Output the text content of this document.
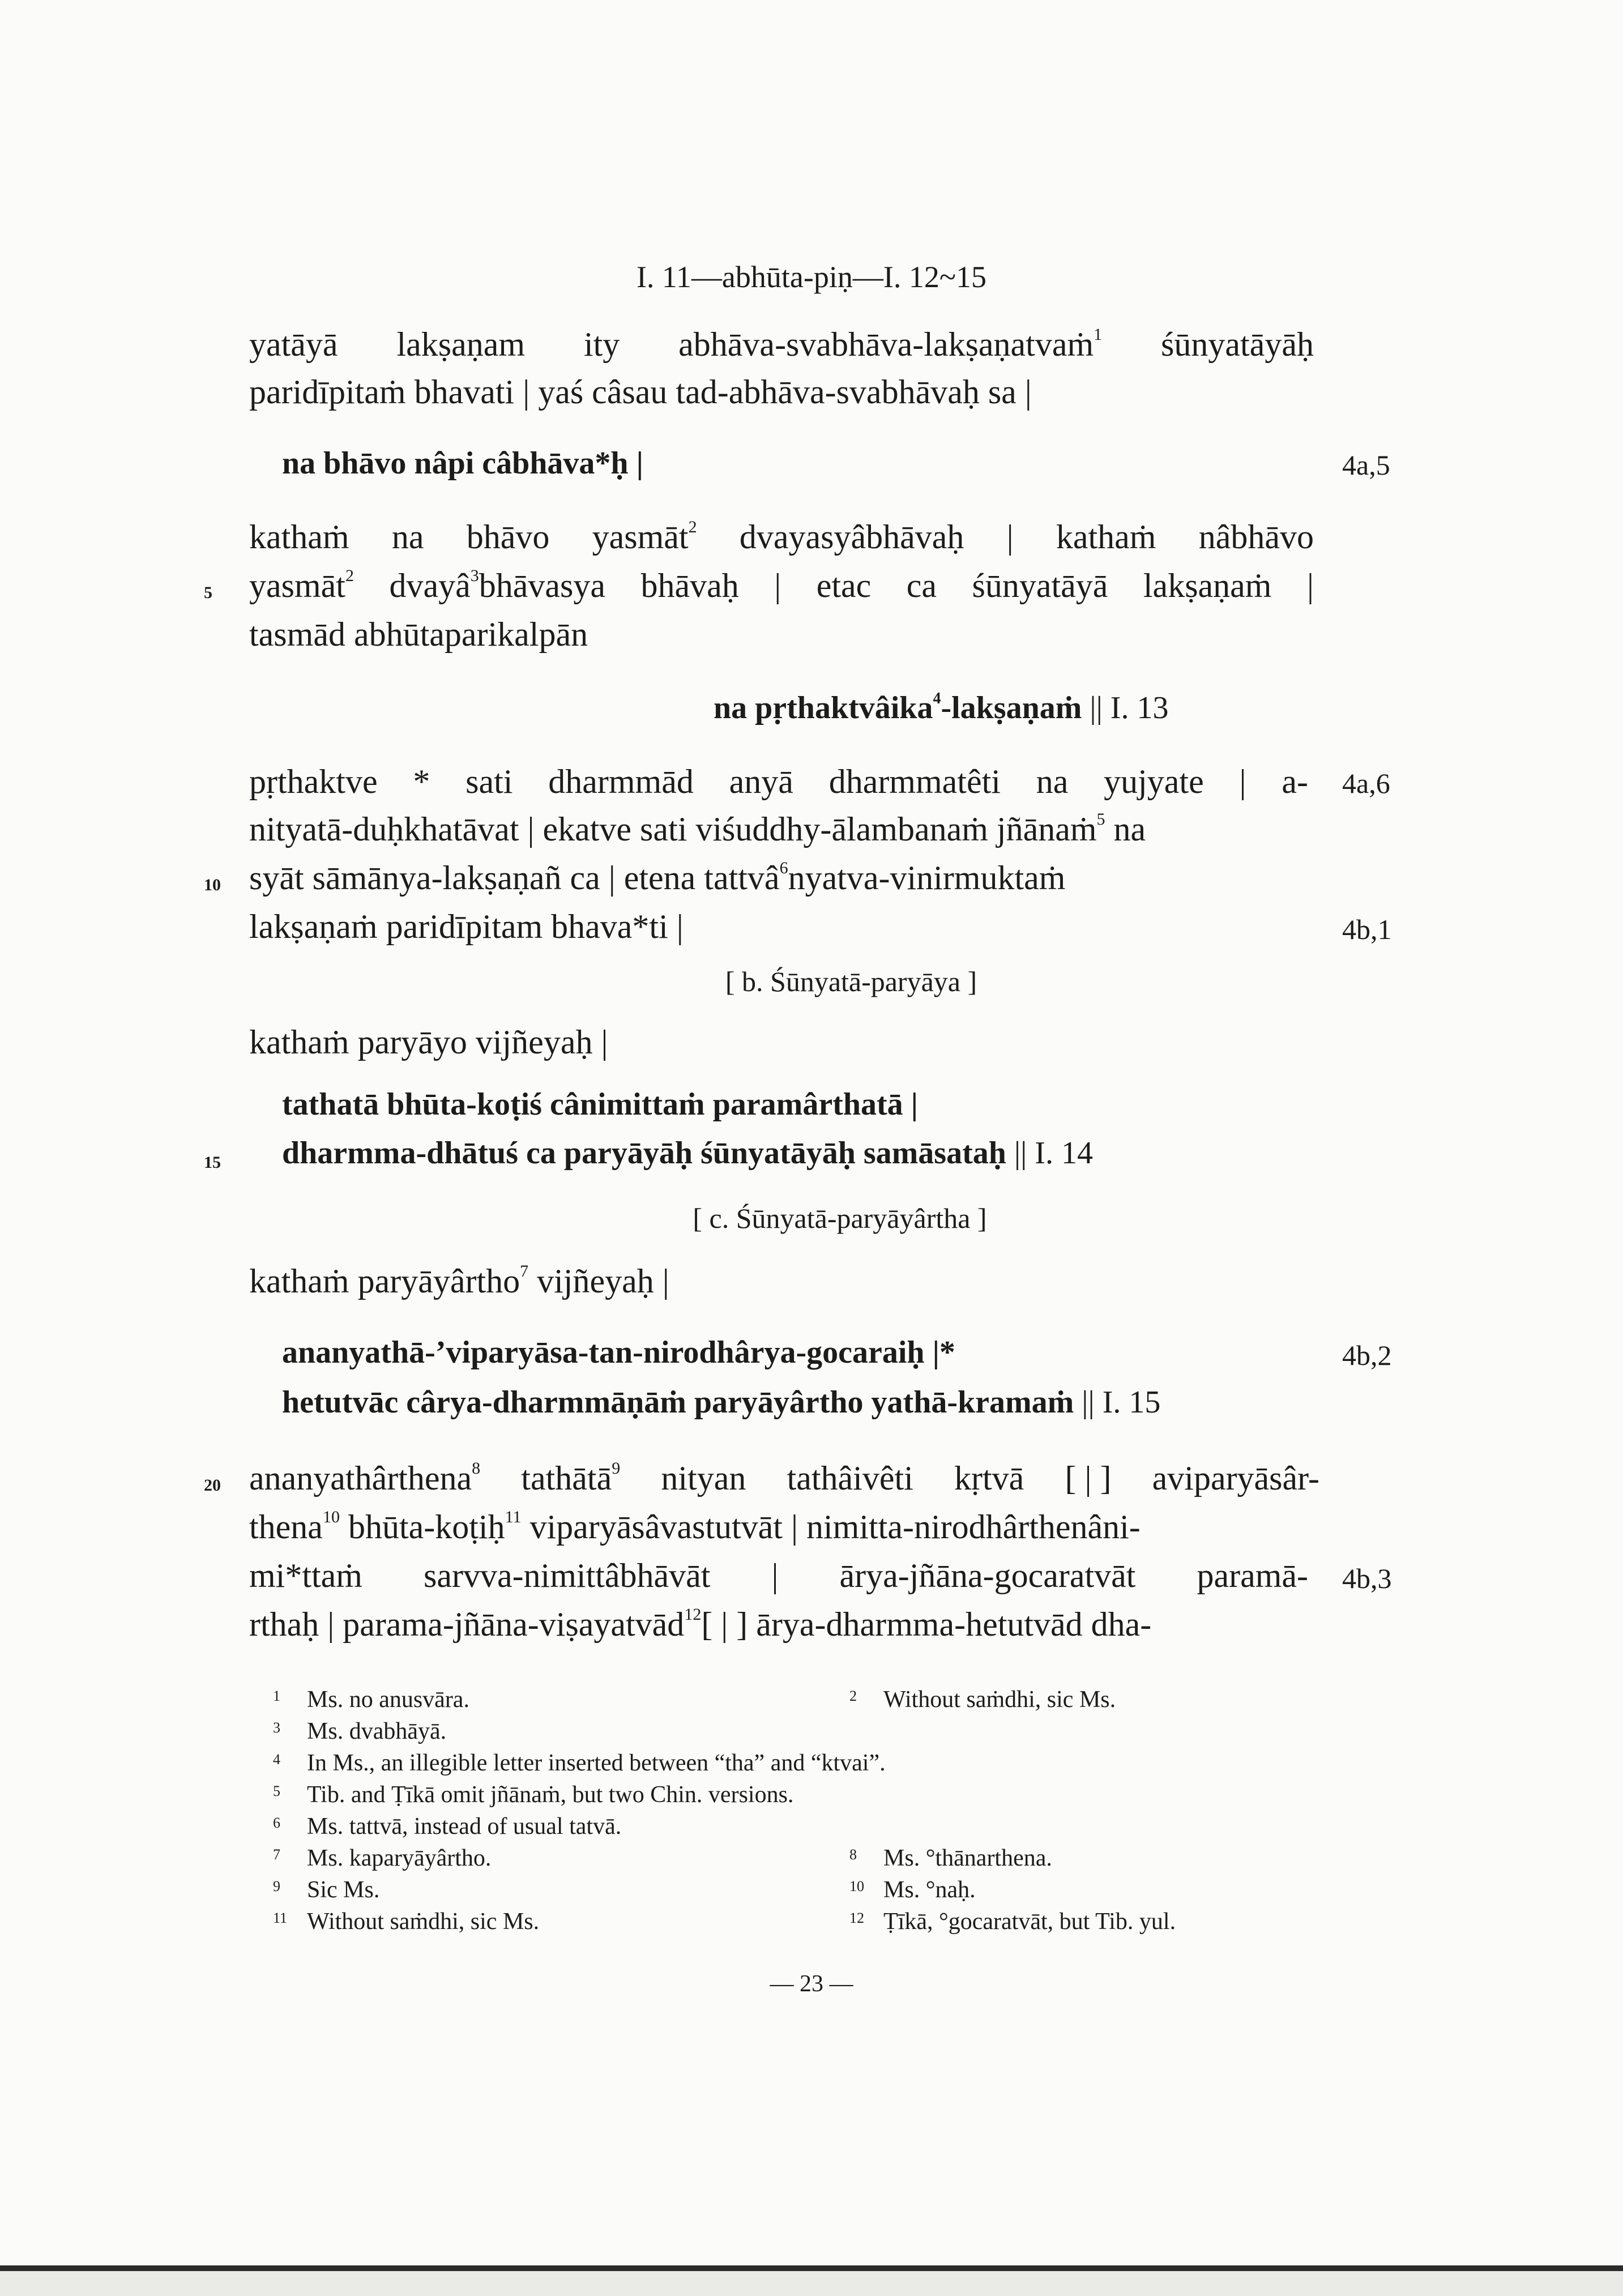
I. 11—abhūta-piṇ—I. 12~15
yatāyā lakṣaṇam ity abhāva-svabhāva-lakṣaṇatvaṁ$^1$ śūnyatāyāḥ
paridīpitaṁ bhavati | yaś câsau tad-abhāva-svabhāvaḥ sa |
na bhāvo nâpi câbhāva*ḥ |	4a,5
kathaṁ na bhāvo yasmāt$^2$ dvayasyâbhāvaḥ | kathaṁ nâbhāvo
5 yasmāt$^2$ dvayâ$^3$bhāvasya bhāvaḥ | etac ca śūnyatāyā lakṣaṇaṁ |
tasmād abhūtaparikalpān
na pṛthaktvâika$^4$-lakṣaṇaṁ || I. 13
pṛthaktve * sati dharmmād anyā dharmmatêti na yujyate | a- 4a,6
nityatā-duḥkhatāvat | ekatve sati viśuddhy-ālambanaṁ jñānaṁ$^5$ na
10 syāt sāmānya-lakṣaṇañ ca | etena tattvâ$^6$nyatva-vinirmuktaṁ
lakṣaṇaṁ paridīpitam bhava*ti |	4b,1
[ b. Śūnyatā-paryāya ]
kathaṁ paryāyo vijñeyaḥ |
tathatā bhūta-koṭiś cânimittaṁ paramârthatā |
15 dharmma-dhātuś ca paryāyāḥ śūnyatāyāḥ samāsataḥ || I. 14
[ c. Śūnyatā-paryāyârtha ]
kathaṁ paryāyârtho$^7$ vijñeyaḥ |
ananyathā-’viparyāsa-tan-nirodhârya-gocaraiḥ |*	4b,2
hetutvāc cârya-dharmmāṇāṁ paryāyârtho yathā-kramaṁ || I. 15
20 ananyathârthena$^8$ tathātā$^9$ nityan tathâivêti kṛtvā [ | ] aviparyāsâr-
thena$^{10}$ bhūta-koṭiḥ$^{11}$ viparyāsâvastutvāt | nimitta-nirodhârthenâni-
mi*ttaṁ sarvva-nimittâbhāvāt | ārya-jñāna-gocaratvāt paramā- 4b,3
rthaḥ | parama-jñāna-viṣayatvād$^{12}$[ | ] ārya-dharmma-hetutvād dha-
1 Ms. no anusvāra.	2 Without saṁdhi, sic Ms.
3 Ms. dvabhāyā.
4 In Ms., an illegible letter inserted between “tha” and “ktvai”.
5 Tib. and Ṭīkā omit jñānaṁ, but two Chin. versions.
6 Ms. tattvā, instead of usual tatvā.
7 Ms. kaparyāyârtho.	8 Ms. °thānarthena.
9 Sic Ms.	10 Ms. °naḥ.
11 Without saṁdhi, sic Ms.	12 Ṭīkā, °gocaratvāt, but Tib. yul.
— 23 —
